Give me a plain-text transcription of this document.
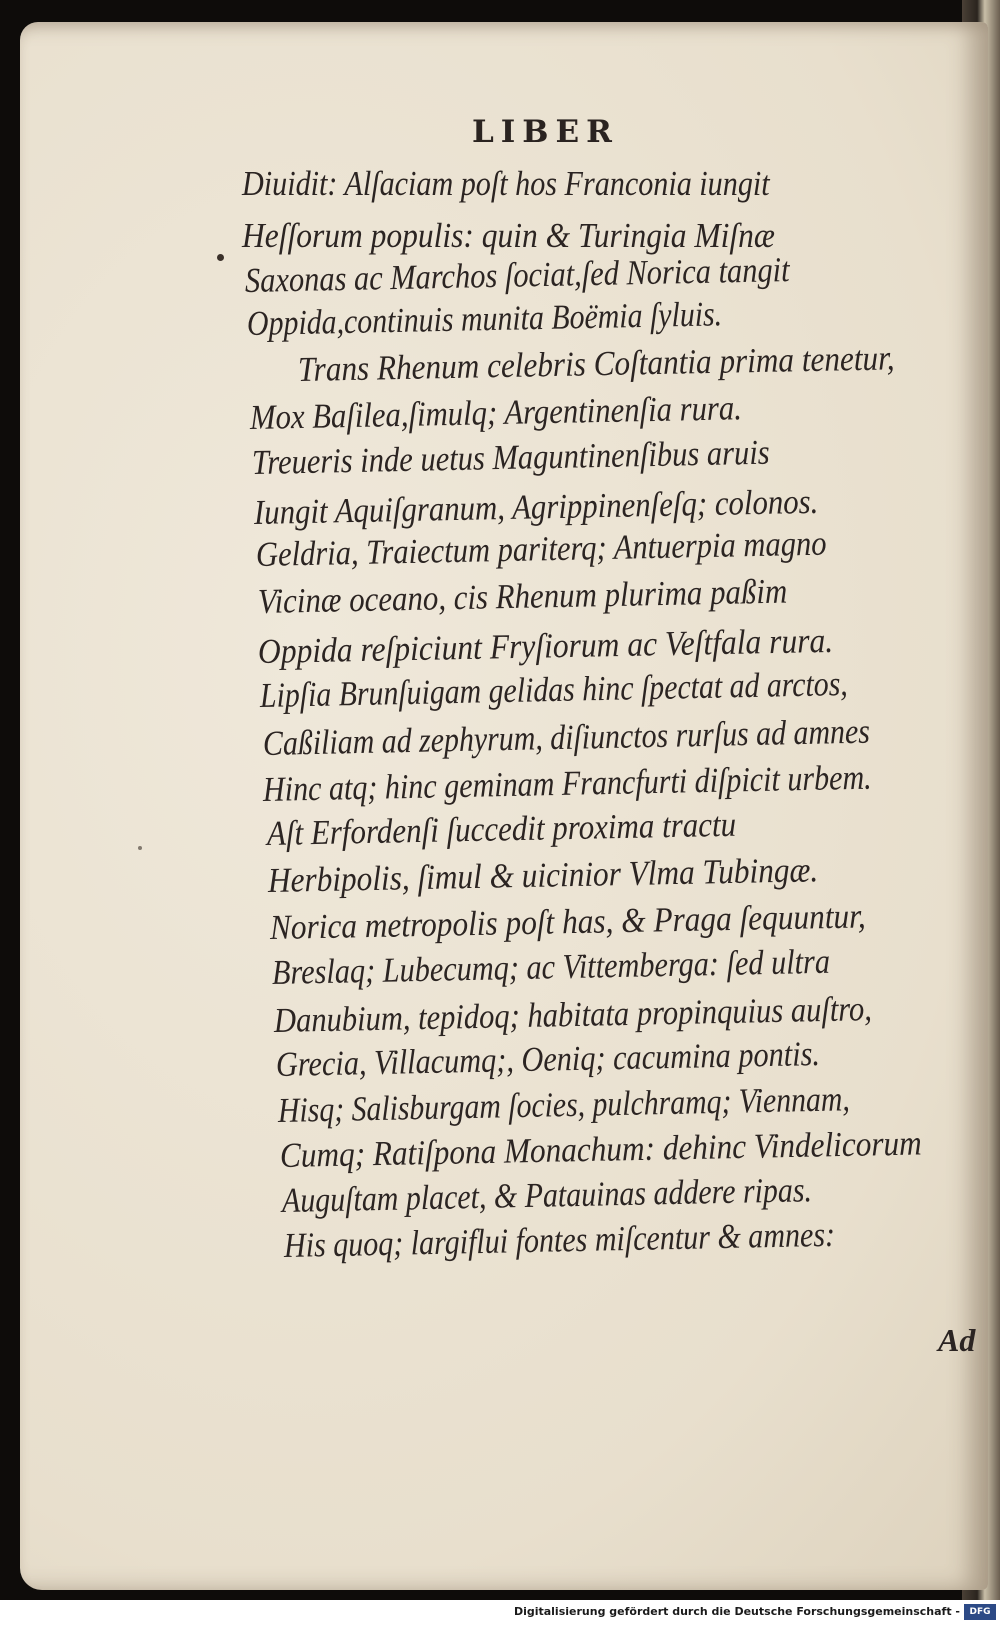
LIBER
Diuidit: Alſaciam poſt hos Franconia iungit
Heſſorum populis: quin & Turingia Miſnæ
Saxonas ac Marchos ſociat,ſed Norica tangit
Oppida,continuis munita Boëmia ſyluis.
Trans Rhenum celebris Coſtantia prima tenetur,
Mox Baſilea,ſimulq; Argentinenſia rura.
Treueris inde uetus Maguntinenſibus aruis
Iungit Aquiſgranum, Agrippinenſeſq; colonos.
Geldria, Traiectum pariterq; Antuerpia magno
Vicinæ oceano, cis Rhenum plurima paßim
Oppida reſpiciunt Fryſiorum ac Veſtfala rura.
Lipſia Brunſuigam gelidas hinc ſpectat ad arctos,
Caßiliam ad zephyrum, diſiunctos rurſus ad amnes
Hinc atq; hinc geminam Francfurti diſpicit urbem.
Aſt Erfordenſi ſuccedit proxima tractu
Herbipolis, ſimul & uicinior Vlma Tubingæ.
Norica metropolis poſt has, & Praga ſequuntur,
Breslaq; Lubecumq; ac Vittemberga: ſed ultra
Danubium, tepidoq; habitata propinquius auſtro,
Grecia, Villacumq;, Oeniq; cacumina pontis.
Hisq; Salisburgam ſocies, pulchramq; Viennam,
Cumq; Ratiſpona Monachum: dehinc Vindelicorum
Auguſtam placet, & Patauinas addere ripas.
His quoq; largiflui fontes miſcentur & amnes:
Ad
Digitalisierung gefördert durch die Deutsche Forschungsgemeinschaft -	DFG
